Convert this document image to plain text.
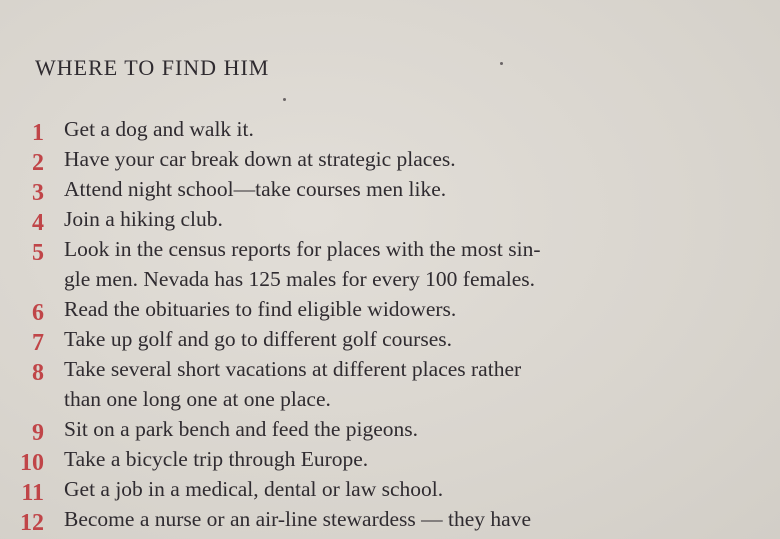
WHERE TO FIND HIM
1 Get a dog and walk it.
2 Have your car break down at strategic places.
3 Attend night school—take courses men like.
4 Join a hiking club.
5 Look in the census reports for places with the most sin-
gle men. Nevada has 125 males for every 100 females.
6 Read the obituaries to find eligible widowers.
7 Take up golf and go to different golf courses.
8 Take several short vacations at different places rather
than one long one at one place.
9 Sit on a park bench and feed the pigeons.
10 Take a bicycle trip through Europe.
11 Get a job in a medical, dental or law school.
12 Become a nurse or an air-line stewardess — they have
